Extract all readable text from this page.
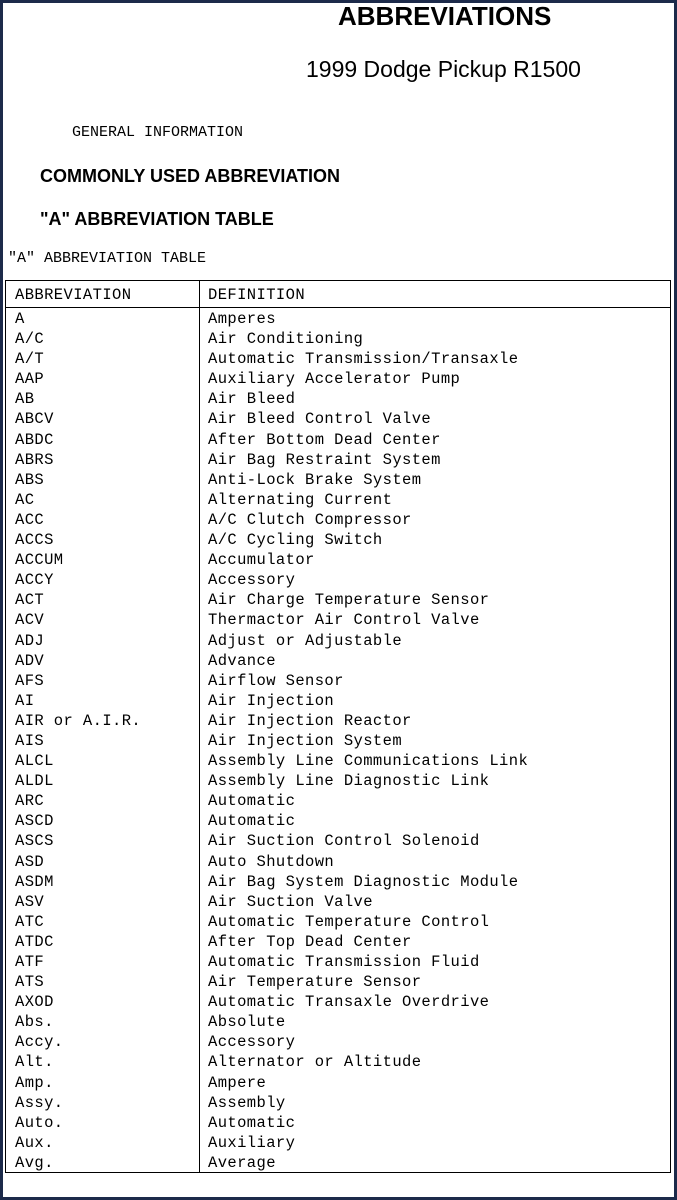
ABBREVIATIONS
1999 Dodge Pickup R1500
GENERAL INFORMATION
COMMONLY USED ABBREVIATION
"A" ABBREVIATION TABLE
"A" ABBREVIATION TABLE
ABBREVIATION	DEFINITION
A	Amperes
A/C	Air Conditioning
A/T	Automatic Transmission/Transaxle
AAP	Auxiliary Accelerator Pump
AB	Air Bleed
ABCV	Air Bleed Control Valve
ABDC	After Bottom Dead Center
ABRS	Air Bag Restraint System
ABS	Anti-Lock Brake System
AC	Alternating Current
ACC	A/C Clutch Compressor
ACCS	A/C Cycling Switch
ACCUM	Accumulator
ACCY	Accessory
ACT	Air Charge Temperature Sensor
ACV	Thermactor Air Control Valve
ADJ	Adjust or Adjustable
ADV	Advance
AFS	Airflow Sensor
AI	Air Injection
AIR or A.I.R.	Air Injection Reactor
AIS	Air Injection System
ALCL	Assembly Line Communications Link
ALDL	Assembly Line Diagnostic Link
ARC	Automatic
ASCD	Automatic
ASCS	Air Suction Control Solenoid
ASD	Auto Shutdown
ASDM	Air Bag System Diagnostic Module
ASV	Air Suction Valve
ATC	Automatic Temperature Control
ATDC	After Top Dead Center
ATF	Automatic Transmission Fluid
ATS	Air Temperature Sensor
AXOD	Automatic Transaxle Overdrive
Abs.	Absolute
Accy.	Accessory
Alt.	Alternator or Altitude
Amp.	Ampere
Assy.	Assembly
Auto.	Automatic
Aux.	Auxiliary
Avg.	Average
